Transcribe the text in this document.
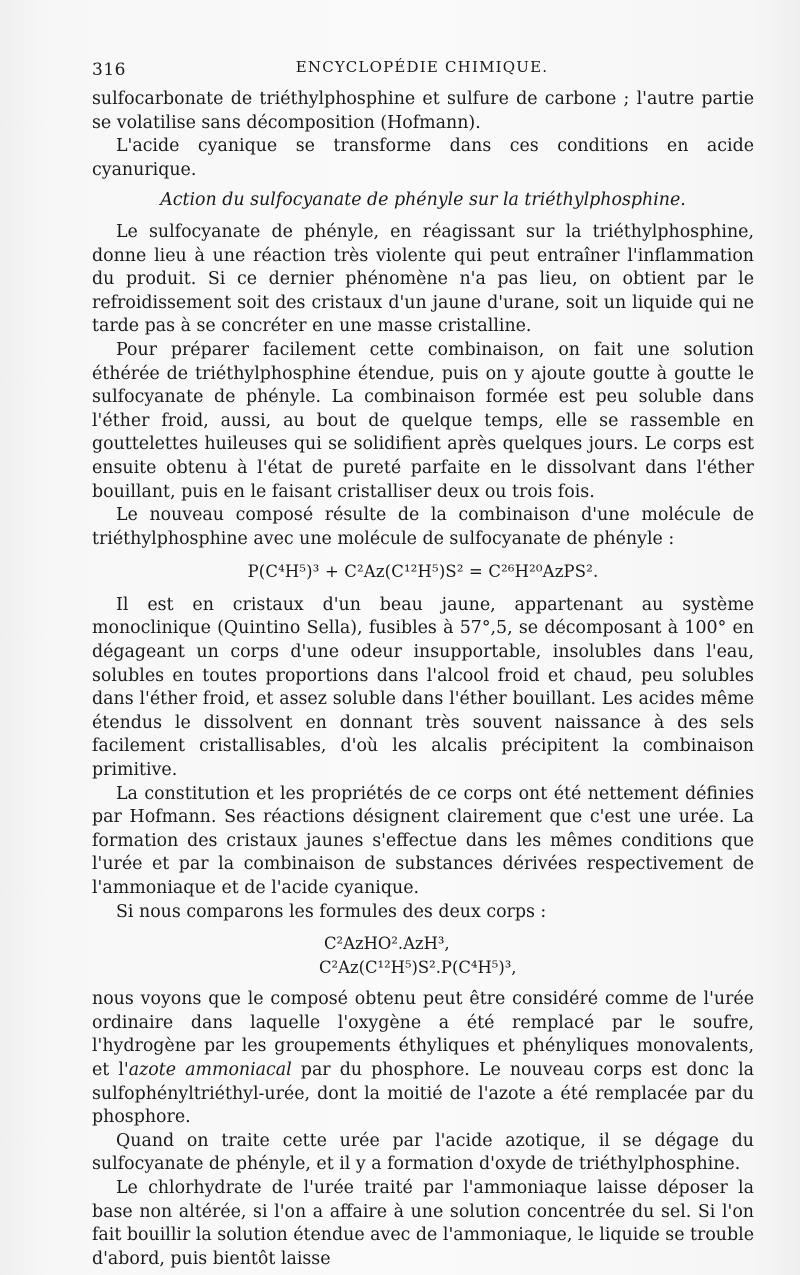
316	ENCYCLOPÉDIE CHIMIQUE.

sulfocarbonate de triéthylphosphine et sulfure de carbone ; l'autre partie se volatilise sans décomposition (Hofmann).

L'acide cyanique se transforme dans ces conditions en acide cyanurique.

Action du sulfocyanate de phényle sur la triéthylphosphine.

Le sulfocyanate de phényle, en réagissant sur la triéthylphosphine, donne lieu à une réaction très violente qui peut entraîner l'inflammation du produit. Si ce dernier phénomène n'a pas lieu, on obtient par le refroidissement soit des cristaux d'un jaune d'urane, soit un liquide qui ne tarde pas à se concréter en une masse cristalline.

Pour préparer facilement cette combinaison, on fait une solution éthérée de triéthylphosphine étendue, puis on y ajoute goutte à goutte le sulfocyanate de phényle. La combinaison formée est peu soluble dans l'éther froid, aussi, au bout de quelque temps, elle se rassemble en gouttelettes huileuses qui se solidifient après quelques jours. Le corps est ensuite obtenu à l'état de pureté parfaite en le dissolvant dans l'éther bouillant, puis en le faisant cristalliser deux ou trois fois.

Le nouveau composé résulte de la combinaison d'une molécule de triéthylphosphine avec une molécule de sulfocyanate de phényle :

P(C⁴H⁵)³ + C²Az(C¹²H⁵)S² = C²⁶H²⁰AzPS².

Il est en cristaux d'un beau jaune, appartenant au système monoclinique (Quintino Sella), fusibles à 57°,5, se décomposant à 100° en dégageant un corps d'une odeur insupportable, insolubles dans l'eau, solubles en toutes proportions dans l'alcool froid et chaud, peu solubles dans l'éther froid, et assez soluble dans l'éther bouillant. Les acides même étendus le dissolvent en donnant très souvent naissance à des sels facilement cristallisables, d'où les alcalis précipitent la combinaison primitive.

La constitution et les propriétés de ce corps ont été nettement définies par Hofmann. Ses réactions désignent clairement que c'est une urée. La formation des cristaux jaunes s'effectue dans les mêmes conditions que l'urée et par la combinaison de substances dérivées respectivement de l'ammoniaque et de l'acide cyanique.

Si nous comparons les formules des deux corps :

C²AzHO².AzH³,
C²Az(C¹²H⁵)S².P(C⁴H⁵)³,

nous voyons que le composé obtenu peut être considéré comme de l'urée ordinaire dans laquelle l'oxygène a été remplacé par le soufre, l'hydrogène par les groupements éthyliques et phényliques monovalents, et l'azote ammoniacal par du phosphore. Le nouveau corps est donc la sulfophényltriéthyl-urée, dont la moitié de l'azote a été remplacée par du phosphore.

Quand on traite cette urée par l'acide azotique, il se dégage du sulfocyanate de phényle, et il y a formation d'oxyde de triéthylphosphine.

Le chlorhydrate de l'urée traité par l'ammoniaque laisse déposer la base non altérée, si l'on a affaire à une solution concentrée du sel. Si l'on fait bouillir la solution étendue avec de l'ammoniaque, le liquide se trouble d'abord, puis bientôt laisse
